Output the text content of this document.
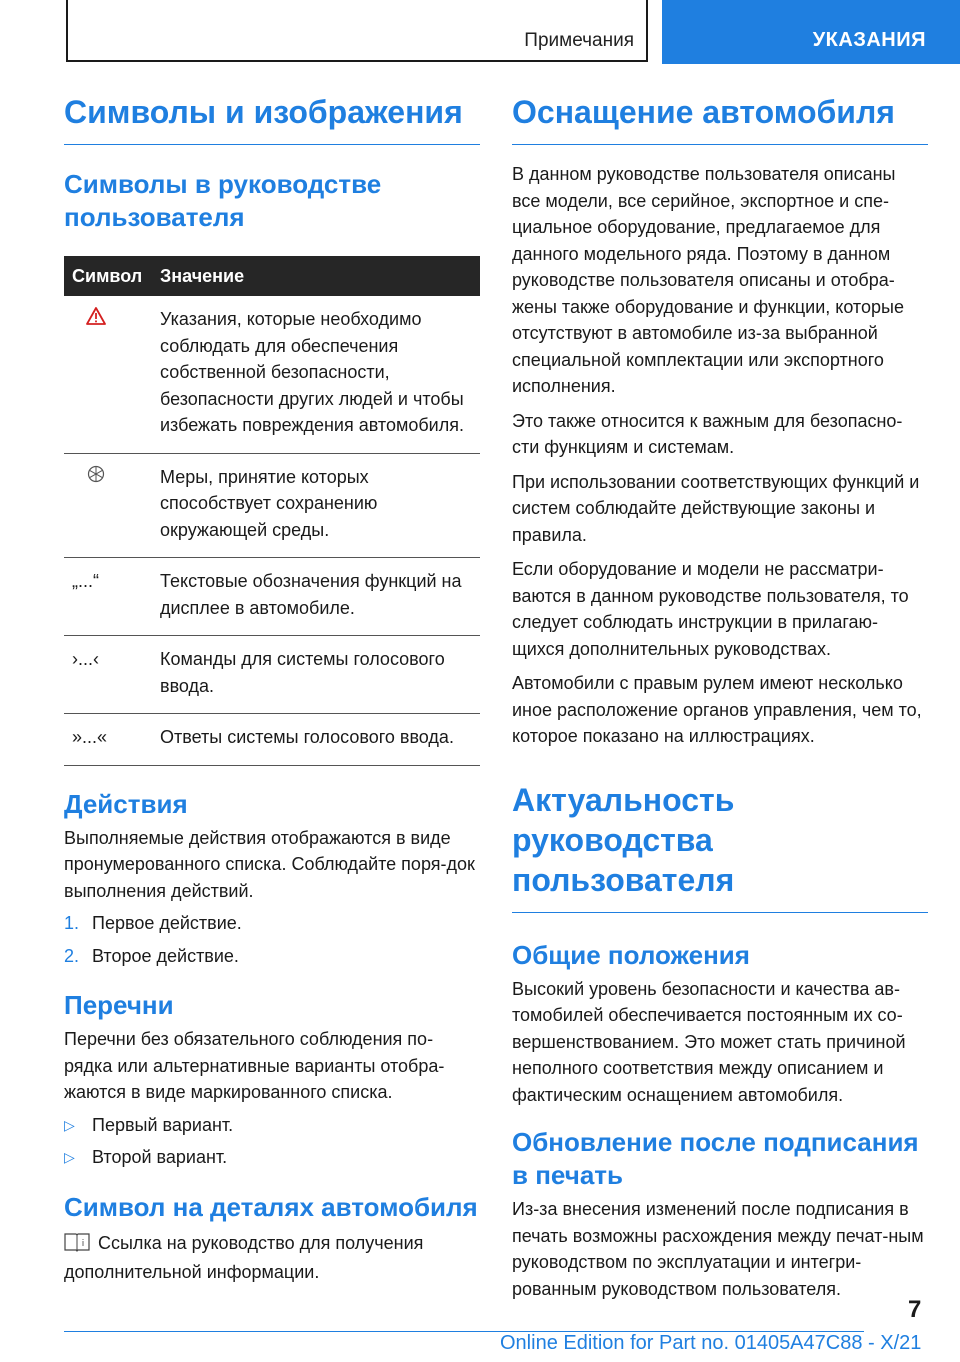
Примечания	УКАЗАНИЯ
Символы и изображения
Символы в руководстве пользователя
Символ	Значение
	Указания, которые необходимо соблюдать для обеспечения собственной безопасности, безопасности других людей и чтобы избежать повреждения автомобиля.
	Меры, принятие которых способствует сохранению окружающей среды.
„...“	Текстовые обозначения функций на дисплее в автомобиле.
›...‹	Команды для системы голосового ввода.
»...«	Ответы системы голосового ввода.
Действия

Выполняемые действия отображаются в виде пронумерованного списка. Соблюдайте поря-док выполнения действий.

1. Первое действие.
2. Второе действие.
Перечни

Перечни без обязательного соблюдения по-рядка или альтернативные варианты отобра-жаются в виде маркированного списка.

▷ Первый вариант.
▷ Второй вариант.
Символ на деталях автомобиля

i Ссылка на руководство для получения дополнительной информации.

Оснащение автомобиля

В данном руководстве пользователя описаны все модели, все серийное, экспортное и спе-циальное оборудование, предлагаемое для данного модельного ряда. Поэтому в данном руководстве пользователя описаны и отобра-жены также оборудование и функции, которые отсутствуют в автомобиле из-за выбранной специальной комплектации или экспортного исполнения.

Это также относится к важным для безопасно-сти функциям и системам.

При использовании соответствующих функций и систем соблюдайте действующие законы и правила.

Если оборудование и модели не рассматри-ваются в данном руководстве пользователя, то следует соблюдать инструкции в прилагаю-щихся дополнительных руководствах.

Автомобили с правым рулем имеют несколько иное расположение органов управления, чем то, которое показано на иллюстрациях.

Актуальность руководства пользователя
Общие положения

Высокий уровень безопасности и качества ав-томобилей обеспечивается постоянным их со-вершенствованием. Это может стать причиной неполного соответствия между описанием и фактическим оснащением автомобиля.

Обновление после подписания в печать

Из-за внесения изменений после подписания в печать возможны расхождения между печат-ным руководством по эксплуатации и интегри-рованным руководством пользователя.

7
Online Edition for Part no. 01405A47C88 - X/21
